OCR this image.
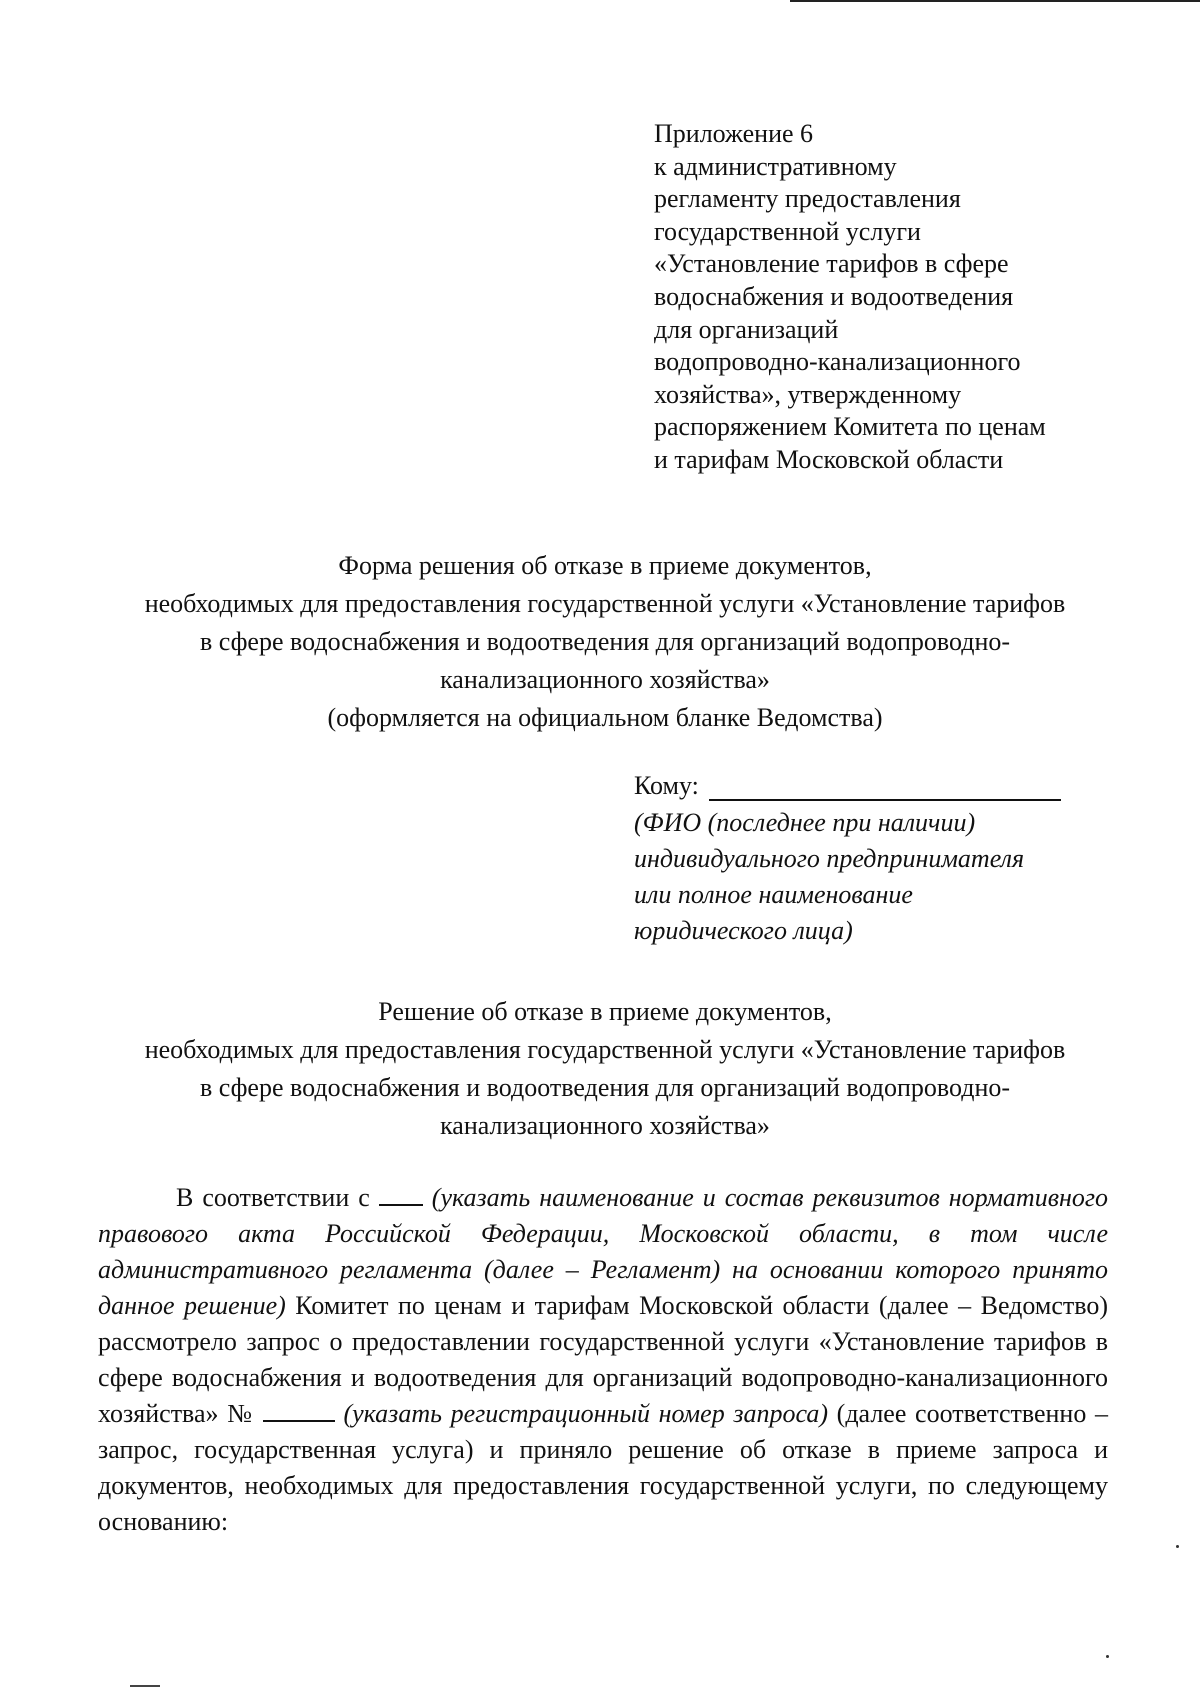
Приложение 6
к административному
регламенту предоставления
государственной услуги
«Установление тарифов в сфере
водоснабжения и водоотведения
для организаций
водопроводно-канализационного
хозяйства», утвержденному
распоряжением Комитета по ценам
и тарифам Московской области
Форма решения об отказе в приеме документов,
необходимых для предоставления государственной услуги «Установление тарифов
в сфере водоснабжения и водоотведения для организаций водопроводно-
канализационного хозяйства»
(оформляется на официальном бланке Ведомства)
Кому:
(ФИО (последнее при наличии)
индивидуального предпринимателя
или полное наименование
юридического лица)
Решение об отказе в приеме документов,
необходимых для предоставления государственной услуги «Установление тарифов
в сфере водоснабжения и водоотведения для организаций водопроводно-
канализационного хозяйства»
В соответствии с (указать наименование и состав реквизитов нормативного правового акта Российской Федерации, Московской области, в том числе административного регламента (далее – Регламент) на основании которого принято данное решение) Комитет по ценам и тарифам Московской области (далее – Ведомство) рассмотрело запрос о предоставлении государственной услуги «Установление тарифов в сфере водоснабжения и водоотведения для организаций водопроводно-канализационного хозяйства» №	(указать регистрационный номер запроса) (далее соответственно – запрос, государственная услуга) и приняло решение об отказе в приеме запроса и документов, необходимых для предоставления государственной услуги, по следующему основанию:
